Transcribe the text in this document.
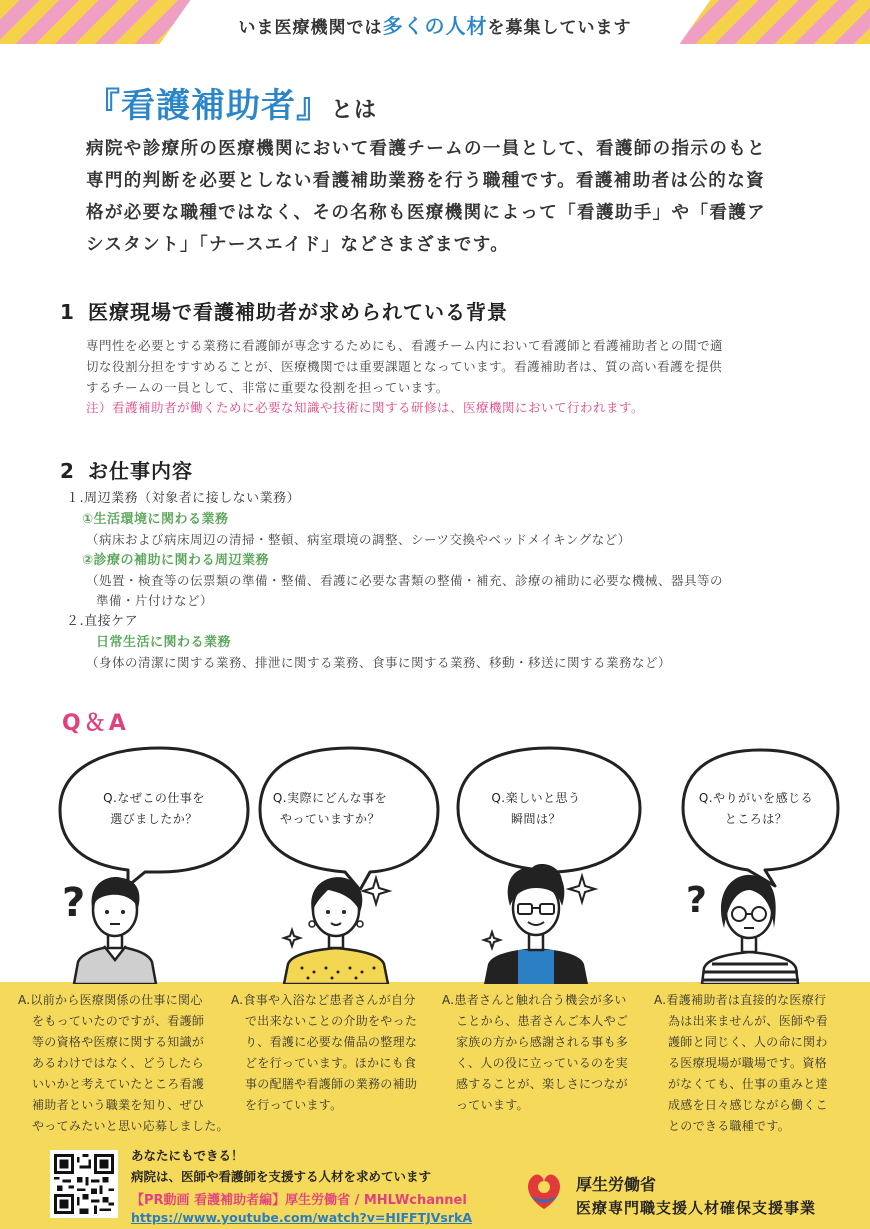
いま医療機関では多くの人材を募集しています
『看護補助者』とは
病院や診療所の医療機関において看護チームの一員として、看護師の指示のもと
専門的判断を必要としない看護補助業務を行う職種です。看護補助者は公的な資
格が必要な職種ではなく、その名称も医療機関によって「看護助手」や「看護ア
シスタント」「ナースエイド」などさまざまです。
1 医療現場で看護補助者が求められている背景
専門性を必要とする業務に看護師が専念するためにも、看護チーム内において看護師と看護補助者との間で適
切な役割分担をすすめることが、医療機関では重要課題となっています。看護補助者は、質の高い看護を提供
するチームの一員として、非常に重要な役割を担っています。
注）看護補助者が働くために必要な知識や技術に関する研修は、医療機関において行われます。
2 お仕事内容
１.周辺業務（対象者に接しない業務）
①生活環境に関わる業務
（病床および病床周辺の清掃・整頓、病室環境の調整、シーツ交換やベッドメイキングなど）
②診療の補助に関わる周辺業務
（処置・検査等の伝票類の準備・整備、看護に必要な書類の整備・補充、診療の補助に必要な機械、器具等の
準備・片付けなど）
２.直接ケア
日常生活に関わる業務
（身体の清潔に関する業務、排泄に関する業務、食事に関する業務、移動・移送に関する業務など）
Q＆A
Q.なぜこの仕事を
選びましたか？
Q.実際にどんな事を
やっていますか？
Q.楽しいと思う
瞬間は？
Q.やりがいを感じる
ところは？
?	?
A.以前から医療関係の仕事に関心
をもっていたのですが、看護師
等の資格や医療に関する知識が
あるわけではなく、どうしたら
いいかと考えていたところ看護
補助者という職業を知り、ぜひ
やってみたいと思い応募しました。
A.食事や入浴など患者さんが自分
で出来ないことの介助をやった
り、看護に必要な備品の整理な
どを行っています。ほかにも食
事の配膳や看護師の業務の補助
を行っています。
A.患者さんと触れ合う機会が多い
ことから、患者さんご本人やご
家族の方から感謝される事も多
く、人の役に立っているのを実
感することが、楽しさにつなが
っています。
A.看護補助者は直接的な医療行
為は出来ませんが、医師や看
護師と同じく、人の命に関わ
る医療現場が職場です。資格
がなくても、仕事の重みと達
成感を日々感じながら働くこ
とのできる職種です。
あなたにもできる！
病院は、医師や看護師を支援する人材を求めています
【PR動画 看護補助者編】厚生労働省 / MHLWchannel
https://www.youtube.com/watch?v=HIFFTJVsrkA
厚生労働省
医療専門職支援人材確保支援事業
